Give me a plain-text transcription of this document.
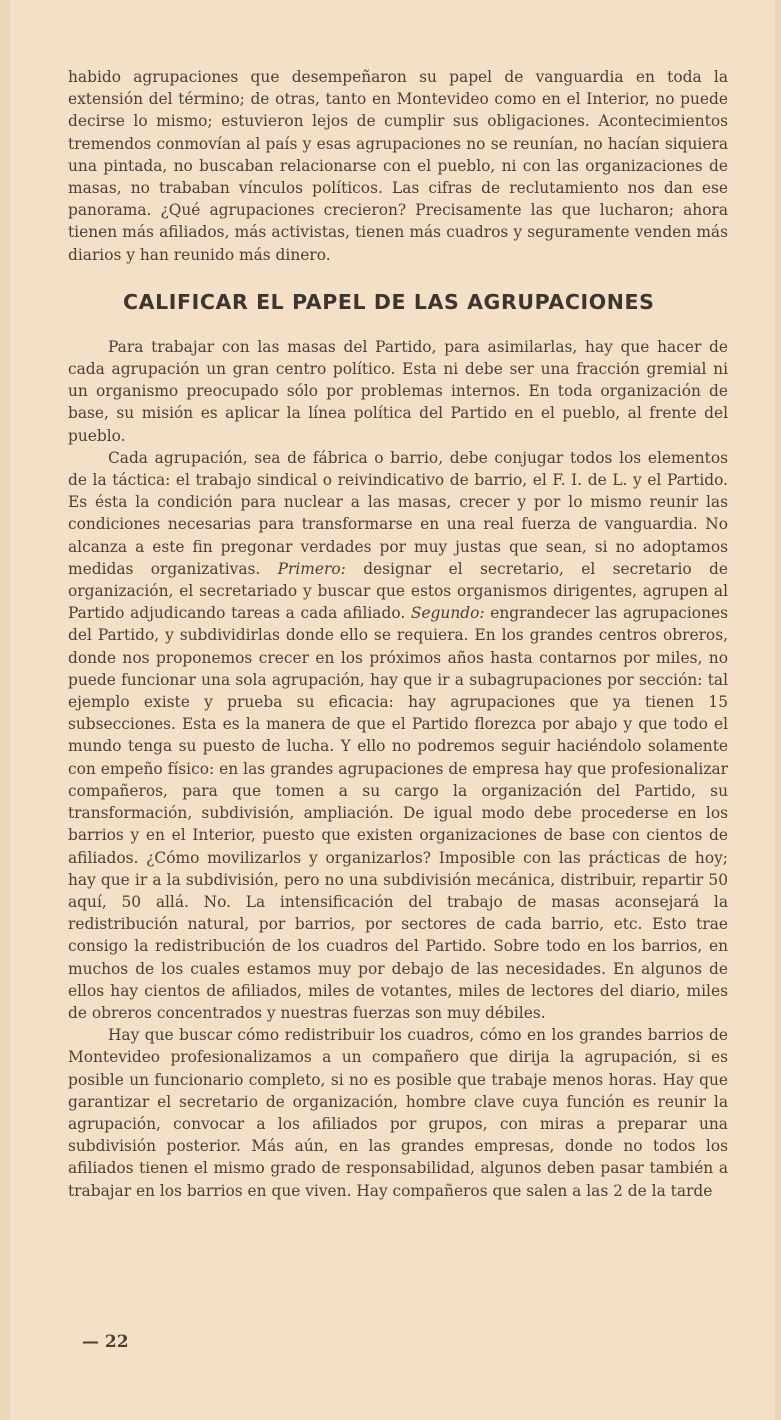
habido agrupaciones que desempeñaron su papel de vanguardia en toda la extensión del término; de otras, tanto en Montevideo como en el Interior, no puede decirse lo mismo; estuvieron lejos de cumplir sus obligaciones. Acontecimientos tremendos conmovían al país y esas agrupaciones no se reunían, no hacían siquiera una pintada, no buscaban relacionarse con el pueblo, ni con las organizaciones de masas, no trababan vínculos políticos. Las cifras de reclutamiento nos dan ese panorama. ¿Qué agrupaciones crecieron? Precisamente las que lucharon; ahora tienen más afiliados, más activistas, tienen más cuadros y seguramente venden más diarios y han reunido más dinero.

CALIFICAR EL PAPEL DE LAS AGRUPACIONES

Para trabajar con las masas del Partido, para asimilarlas, hay que hacer de cada agrupación un gran centro político. Esta ni debe ser una fracción gremial ni un organismo preocupado sólo por problemas internos. En toda organización de base, su misión es aplicar la línea política del Partido en el pueblo, al frente del pueblo.

Cada agrupación, sea de fábrica o barrio, debe conjugar todos los elementos de la táctica: el trabajo sindical o reivindicativo de barrio, el F. I. de L. y el Partido. Es ésta la condición para nuclear a las masas, crecer y por lo mismo reunir las condiciones necesarias para transformarse en una real fuerza de vanguardia. No alcanza a este fin pregonar verdades por muy justas que sean, si no adoptamos medidas organizativas. Primero: designar el secretario, el secretario de organización, el secretariado y buscar que estos organismos dirigentes, agrupen al Partido adjudicando tareas a cada afiliado. Segundo: engrandecer las agrupaciones del Partido, y subdividirlas donde ello se requiera. En los grandes centros obreros, donde nos proponemos crecer en los próximos años hasta contarnos por miles, no puede funcionar una sola agrupación, hay que ir a subagrupaciones por sección: tal ejemplo existe y prueba su eficacia: hay agrupaciones que ya tienen 15 subsecciones. Esta es la manera de que el Partido florezca por abajo y que todo el mundo tenga su puesto de lucha. Y ello no podremos seguir haciéndolo solamente con empeño físico: en las grandes agrupaciones de empresa hay que profesionalizar compañeros, para que tomen a su cargo la organización del Partido, su transformación, subdivisión, ampliación. De igual modo debe procederse en los barrios y en el Interior, puesto que existen organizaciones de base con cientos de afiliados. ¿Cómo movilizarlos y organizarlos? Imposible con las prácticas de hoy; hay que ir a la subdivisión, pero no una subdivisión mecánica, distribuir, repartir 50 aquí, 50 allá. No. La intensificación del trabajo de masas aconsejará la redistribución natural, por barrios, por sectores de cada barrio, etc. Esto trae consigo la redistribución de los cuadros del Partido. Sobre todo en los barrios, en muchos de los cuales estamos muy por debajo de las necesidades. En algunos de ellos hay cientos de afiliados, miles de votantes, miles de lectores del diario, miles de obreros concentrados y nuestras fuerzas son muy débiles.

Hay que buscar cómo redistribuir los cuadros, cómo en los grandes barrios de Montevideo profesionalizamos a un compañero que dirija la agrupación, si es posible un funcionario completo, si no es posible que trabaje menos horas. Hay que garantizar el secretario de organización, hombre clave cuya función es reunir la agrupación, convocar a los afiliados por grupos, con miras a preparar una subdivisión posterior. Más aún, en las grandes empresas, donde no todos los afiliados tienen el mismo grado de responsabilidad, algunos deben pasar también a trabajar en los barrios en que viven. Hay compañeros que salen a las 2 de la tarde

— 22
